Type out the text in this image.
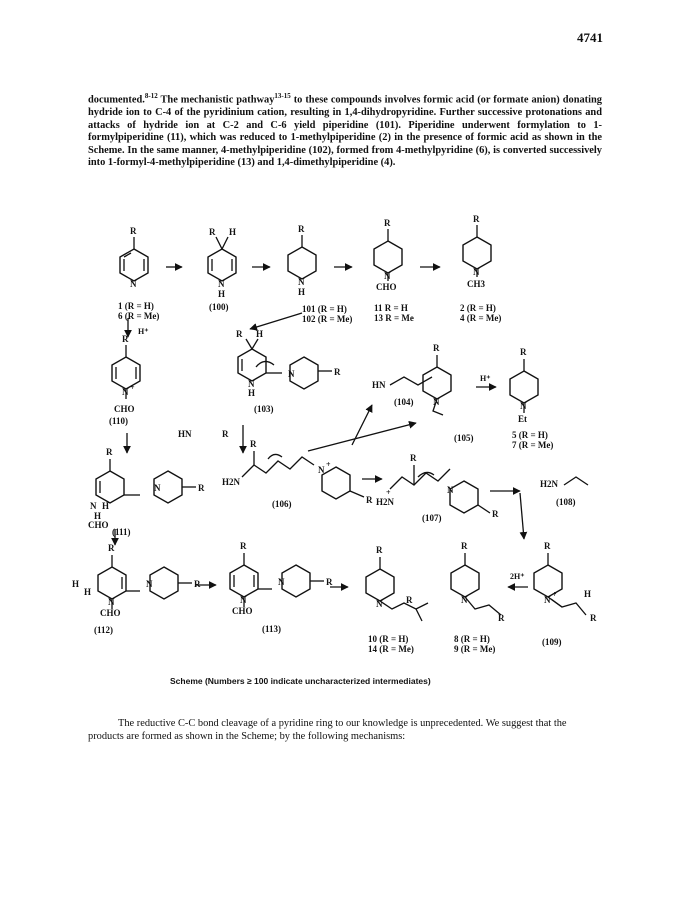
4741
documented.$^{8-12}$ The mechanistic pathway$^{13-15}$ to these compounds involves formic acid (or formate anion) donating hydride ion to C-4 of the pyridinium cation, resulting in 1,4-dihydropyridine. Further successive protonations and attacks of hydride ion at C-2 and C-6 yield piperidine (101). Piperidine underwent formylation to 1-formylpiperidine (11), which was reduced to 1-methylpiperidine (2) in the presence of formic acid as shown in the Scheme. In the same manner, 4-methylpiperidine (102), formed from 4-methylpyridine (6), is converted successively into 1-formyl-4-methylpiperidine (13) and 1,4-dimethylpiperidine (4).
R
N
1 (R = H)
6 (R = Me)
H⁺
R H
N
H
(100)
R
N
H
101 (R = H)
102 (R = Me)
R
N
CHO
11 R = H
13 R = Me
R
N
CH3
2 (R = H)
4 (R = Me)
R
N +
CHO
(110)
R H
N
H
N	R
(103)
HN
(104)
R
N
(105)
H⁺
R
N
Et
5 (R = H)
7 (R = Me)
HN	R
R
N H
H
CHO
N	R
(111)
R
H2N
N
+
R
(106)
R
H2N
+	N
R
(107)
H2N
(108)
R
H
H
N
CHO
N	R
(112)
R
N
CHO
N	R
(113)
R
N	R
10 (R = H)
14 (R = Me)
R
N
R
8 (R = H)
9 (R = Me)
2H⁺
R
N
+	H
R
(109)
Scheme (Numbers ≥ 100 indicate uncharacterized intermediates)
The reductive C-C bond cleavage of a pyridine ring to our knowledge is unprecedented. We suggest that the products are formed as shown in the Scheme; by the following mechanisms:
